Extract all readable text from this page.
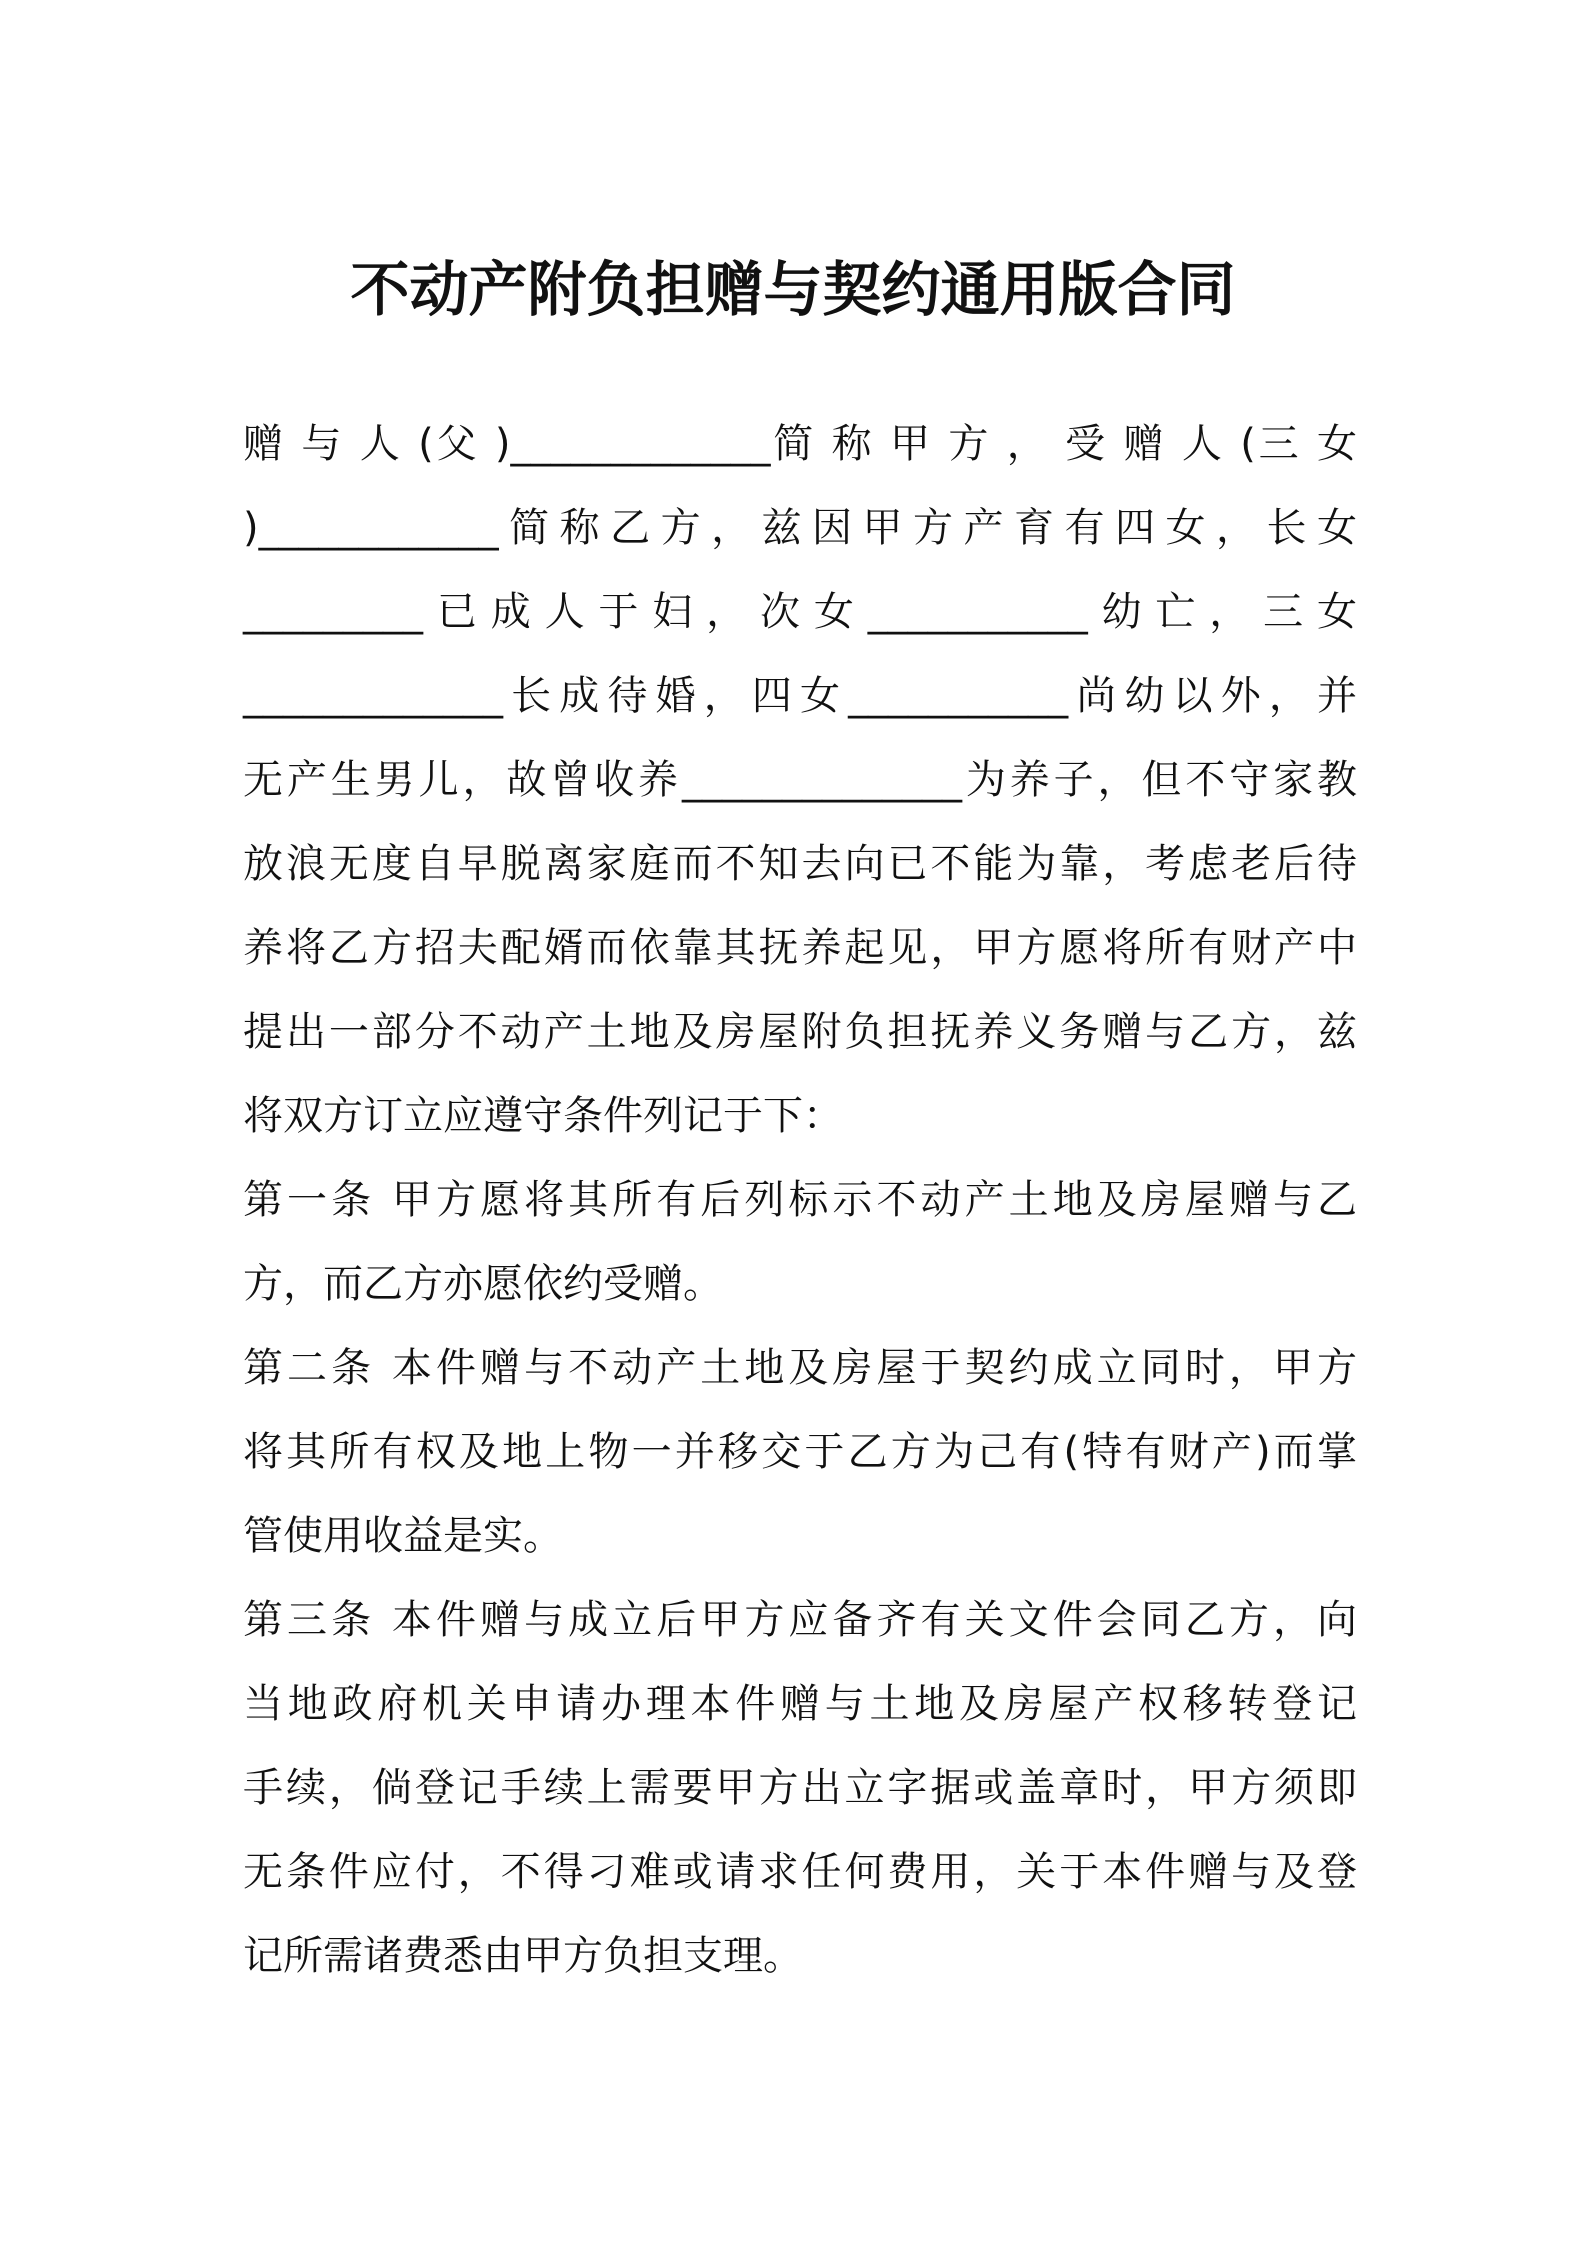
不动产附负担赠与契约通用版合同
赠 与 人 (父 )_____________简 称 甲 方 ， 受 赠 人 (三 女
)____________简称乙方，兹因甲方产育有四女，长女
_________已成人于妇，次女___________幼亡，三女
_____________长成待婚，四女___________尚幼以外，并
无产生男儿，故曾收养______________为养子，但不守家教
放浪无度自早脱离家庭而不知去向已不能为靠，考虑老后待
养将乙方招夫配婿而依靠其抚养起见，甲方愿将所有财产中
提出一部分不动产土地及房屋附负担抚养义务赠与乙方，兹
将双方订立应遵守条件列记于下：
第一条 甲方愿将其所有后列标示不动产土地及房屋赠与乙
方，而乙方亦愿依约受赠。
第二条 本件赠与不动产土地及房屋于契约成立同时，甲方
将其所有权及地上物一并移交于乙方为己有(特有财产)而掌
管使用收益是实。
第三条 本件赠与成立后甲方应备齐有关文件会同乙方，向
当地政府机关申请办理本件赠与土地及房屋产权移转登记
手续，倘登记手续上需要甲方出立字据或盖章时，甲方须即
无条件应付，不得刁难或请求任何费用，关于本件赠与及登
记所需诸费悉由甲方负担支理。
